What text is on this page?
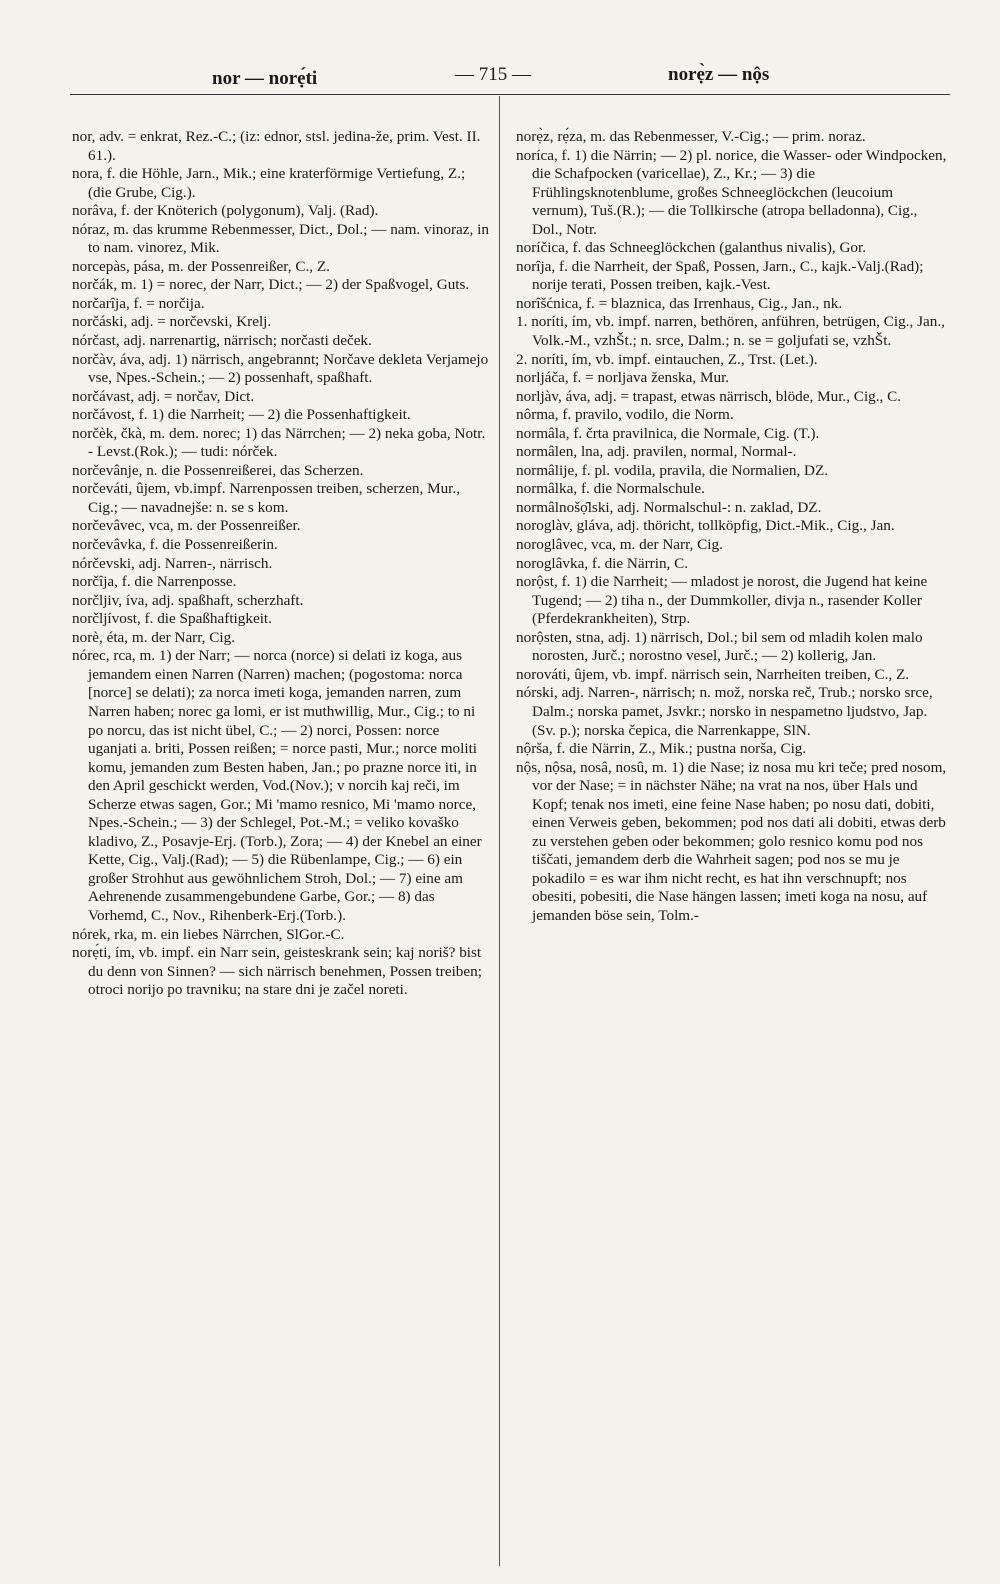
nor — norẹ́ti	— 715 —	norẹ̀z — nộs
nor, adv. = enkrat, Rez.-C.; (iz: ednor, stsl. jedina-že, prim. Vest. II. 61.).
nora, f. die Höhle, Jarn., Mik.; eine kraterförmige Vertiefung, Z.; (die Grube, Cig.).
norâva, f. der Knöterich (polygonum), Valj. (Rad).
nóraz, m. das krumme Rebenmesser, Dict., Dol.; — nam. vinoraz, in to nam. vinorez, Mik.
norcepàs, pása, m. der Possenreißer, C., Z.
norčák, m. 1) = norec, der Narr, Dict.; — 2) der Spaßvogel, Guts.
norčarîja, f. = norčija.
norčáski, adj. = norčevski, Krelj.
nórčast, adj. narrenartig, närrisch; norčasti deček.
norčàv, áva, adj. 1) närrisch, angebrannt; Norčave dekleta Verjamejo vse, Npes.-Schein.; — 2) possenhaft, spaßhaft.
norčávast, adj. = norčav, Dict.
norčávost, f. 1) die Narrheit; — 2) die Possenhaftigkeit.
norčèk, čkà, m. dem. norec; 1) das Närrchen; — 2) neka goba, Notr. - Levst.(Rok.); — tudi: nórček.
norčevânje, n. die Possenreißerei, das Scherzen.
norčeváti, ûjem, vb.impf. Narrenpossen treiben, scherzen, Mur., Cig.; — navadnejše: n. se s kom.
norčevâvec, vca, m. der Possenreißer.
norčevâvka, f. die Possenreißerin.
nórčevski, adj. Narren-, närrisch.
norčîja, f. die Narrenposse.
norčljiv, íva, adj. spaßhaft, scherzhaft.
norčljívost, f. die Spaßhaftigkeit.
norè, éta, m. der Narr, Cig.
nórec, rca, m. 1) der Narr; — norca (norce) si delati iz koga, aus jemandem einen Narren (Narren) machen; (pogostoma: norca [norce] se delati); za norca imeti koga, jemanden narren, zum Narren haben; norec ga lomi, er ist muthwillig, Mur., Cig.; to ni po norcu, das ist nicht übel, C.; — 2) norci, Possen: norce uganjati a. briti, Possen reißen; = norce pasti, Mur.; norce moliti komu, jemanden zum Besten haben, Jan.; po prazne norce iti, in den April geschickt werden, Vod.(Nov.); v norcih kaj reči, im Scherze etwas sagen, Gor.; Mi 'mamo resnico, Mi 'mamo norce, Npes.-Schein.; — 3) der Schlegel, Pot.-M.; = veliko kovaško kladivo, Z., Posavje-Erj. (Torb.), Zora; — 4) der Knebel an einer Kette, Cig., Valj.(Rad); — 5) die Rübenlampe, Cig.; — 6) ein großer Strohhut aus gewöhnlichem Stroh, Dol.; — 7) eine am Aehrenende zusammengebundene Garbe, Gor.; — 8) das Vorhemd, C., Nov., Rihenberk-Erj.(Torb.).
nórek, rka, m. ein liebes Närrchen, SlGor.-C.
norẹ́ti, ím, vb. impf. ein Narr sein, geisteskrank sein; kaj noriš? bist du denn von Sinnen? — sich närrisch benehmen, Possen treiben; otroci norijo po travniku; na stare dni je začel noreti.
norẹ̀z, rẹ́za, m. das Rebenmesser, V.-Cig.; — prim. noraz.
noríca, f. 1) die Närrin; — 2) pl. norice, die Wasser- oder Windpocken, die Schafpocken (varicellae), Z., Kr.; — 3) die Frühlingsknotenblume, großes Schneeglöckchen (leucoium vernum), Tuš.(R.); — die Tollkirsche (atropa belladonna), Cig., Dol., Notr.
noríčica, f. das Schneeglöckchen (galanthus nivalis), Gor.
norîja, f. die Narrheit, der Spaß, Possen, Jarn., C., kajk.-Valj.(Rad); norije terati, Possen treiben, kajk.-Vest.
norîšćnica, f. = blaznica, das Irrenhaus, Cig., Jan., nk.
1. noríti, ím, vb. impf. narren, bethören, anführen, betrügen, Cig., Jan., Volk.-M., vzhŠt.; n. srce, Dalm.; n. se = goljufati se, vzhŠt.
2. noríti, ím, vb. impf. eintauchen, Z., Trst. (Let.).
norljáča, f. = norljava ženska, Mur.
norljàv, áva, adj. = trapast, etwas närrisch, blöde, Mur., Cig., C.
nôrma, f. pravilo, vodilo, die Norm.
normâla, f. črta pravilnica, die Normale, Cig. (T.).
normâlen, lna, adj. pravilen, normal, Normal-.
normâlije, f. pl. vodila, pravila, die Normalien, DZ.
normâlka, f. die Normalschule.
normâlnošọ̑lski, adj. Normalschul-: n. zaklad, DZ.
noroglàv, gláva, adj. thöricht, tollköpfig, Dict.-Mik., Cig., Jan.
noroglâvec, vca, m. der Narr, Cig.
noroglâvka, f. die Närrin, C.
norộst, f. 1) die Narrheit; — mladost je norost, die Jugend hat keine Tugend; — 2) tiha n., der Dummkoller, divja n., rasender Koller (Pferdekrankheiten), Strp.
norộsten, stna, adj. 1) närrisch, Dol.; bil sem od mladih kolen malo norosten, Jurč.; norostno vesel, Jurč.; — 2) kollerig, Jan.
norováti, ûjem, vb. impf. närrisch sein, Narrheiten treiben, C., Z.
nórski, adj. Narren-, närrisch; n. mož, norska reč, Trub.; norsko srce, Dalm.; norska pamet, Jsvkr.; norsko in nespametno ljudstvo, Jap.(Sv. p.); norska čepica, die Narrenkappe, SlN.
nộrša, f. die Närrin, Z., Mik.; pustna norša, Cig.
nộs, nộsa, nosâ, nosû, m. 1) die Nase; iz nosa mu kri teče; pred nosom, vor der Nase; = in nächster Nähe; na vrat na nos, über Hals und Kopf; tenak nos imeti, eine feine Nase haben; po nosu dati, dobiti, einen Verweis geben, bekommen; pod nos dati ali dobiti, etwas derb zu verstehen geben oder bekommen; golo resnico komu pod nos tiščati, jemandem derb die Wahrheit sagen; pod nos se mu je pokadilo = es war ihm nicht recht, es hat ihn verschnupft; nos obesiti, pobesiti, die Nase hängen lassen; imeti koga na nosu, auf jemanden böse sein, Tolm.-
